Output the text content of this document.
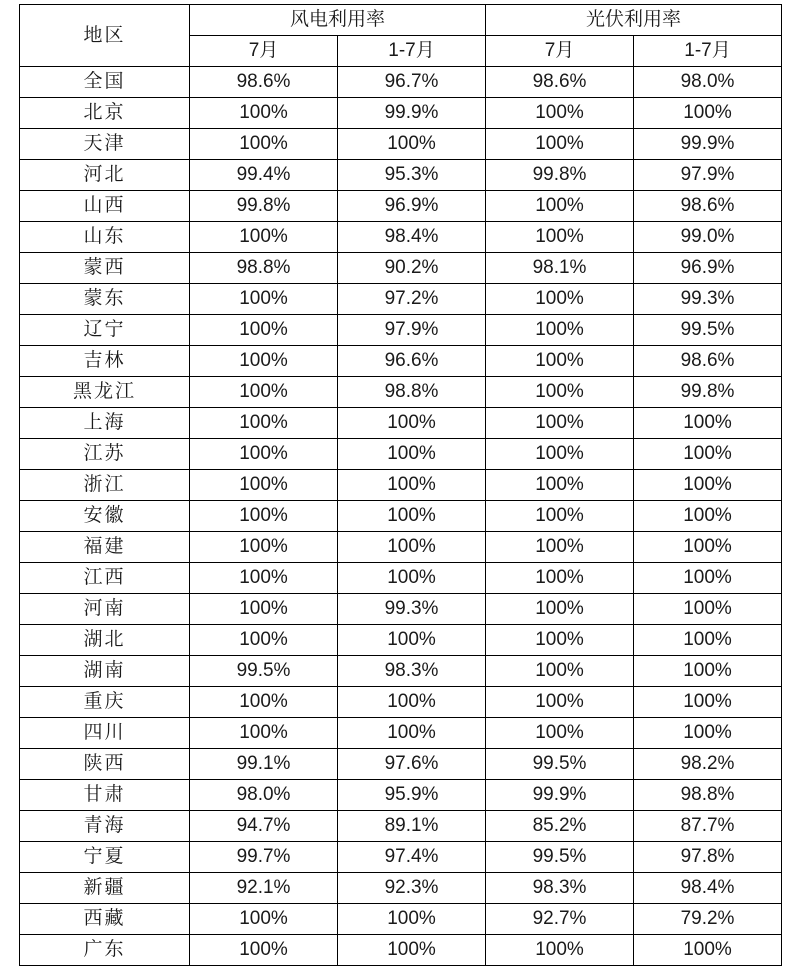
地区	风电利用率		光伏利用率	
	7月	1-7月	7月	1-7月
全国	98.6%	96.7%	98.6%	98.0%
北京	100%	99.9%	100%	100%
天津	100%	100%	100%	99.9%
河北	99.4%	95.3%	99.8%	97.9%
山西	99.8%	96.9%	100%	98.6%
山东	100%	98.4%	100%	99.0%
蒙西	98.8%	90.2%	98.1%	96.9%
蒙东	100%	97.2%	100%	99.3%
辽宁	100%	97.9%	100%	99.5%
吉林	100%	96.6%	100%	98.6%
黑龙江	100%	98.8%	100%	99.8%
上海	100%	100%	100%	100%
江苏	100%	100%	100%	100%
浙江	100%	100%	100%	100%
安徽	100%	100%	100%	100%
福建	100%	100%	100%	100%
江西	100%	100%	100%	100%
河南	100%	99.3%	100%	100%
湖北	100%	100%	100%	100%
湖南	99.5%	98.3%	100%	100%
重庆	100%	100%	100%	100%
四川	100%	100%	100%	100%
陕西	99.1%	97.6%	99.5%	98.2%
甘肃	98.0%	95.9%	99.9%	98.8%
青海	94.7%	89.1%	85.2%	87.7%
宁夏	99.7%	97.4%	99.5%	97.8%
新疆	92.1%	92.3%	98.3%	98.4%
西藏	100%	100%	92.7%	79.2%
广东	100%	100%	100%	100%
